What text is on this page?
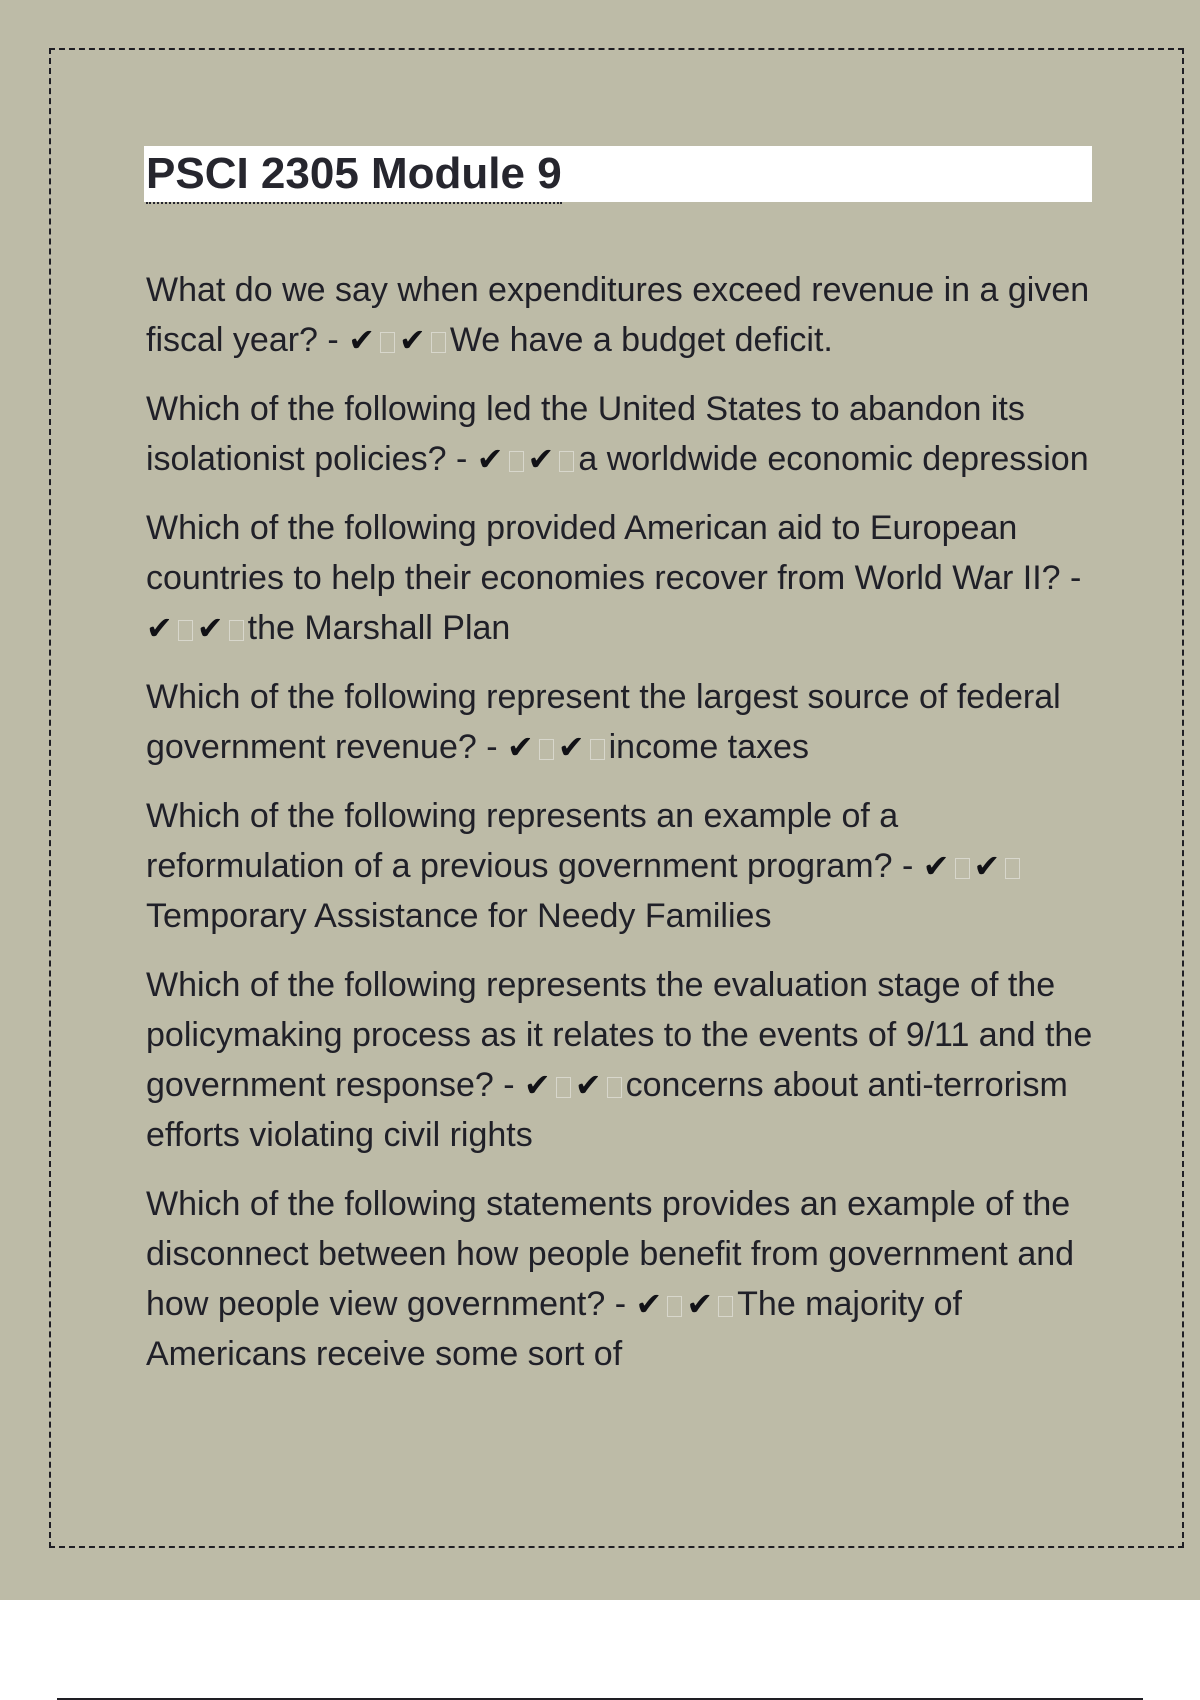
PSCI 2305 Module 9

What do we say when expenditures exceed revenue in a given fiscal year? - ✔ ✔ We have a budget deficit.

Which of the following led the United States to abandon its isolationist policies? - ✔ ✔ a worldwide economic depression

Which of the following provided American aid to European countries to help their economies recover from World War II? - ✔ ✔ the Marshall Plan

Which of the following represent the largest source of federal government revenue? - ✔ ✔ income taxes

Which of the following represents an example of a reformulation of a previous government program? - ✔ ✔Temporary Assistance for Needy Families

Which of the following represents the evaluation stage of the policymaking process as it relates to the events of 9/11 and the government response? - ✔ ✔ concerns about anti-terrorism efforts violating civil rights

Which of the following statements provides an example of the disconnect between how people benefit from government and how people view government? - ✔ ✔ The majority of Americans receive some sort of
